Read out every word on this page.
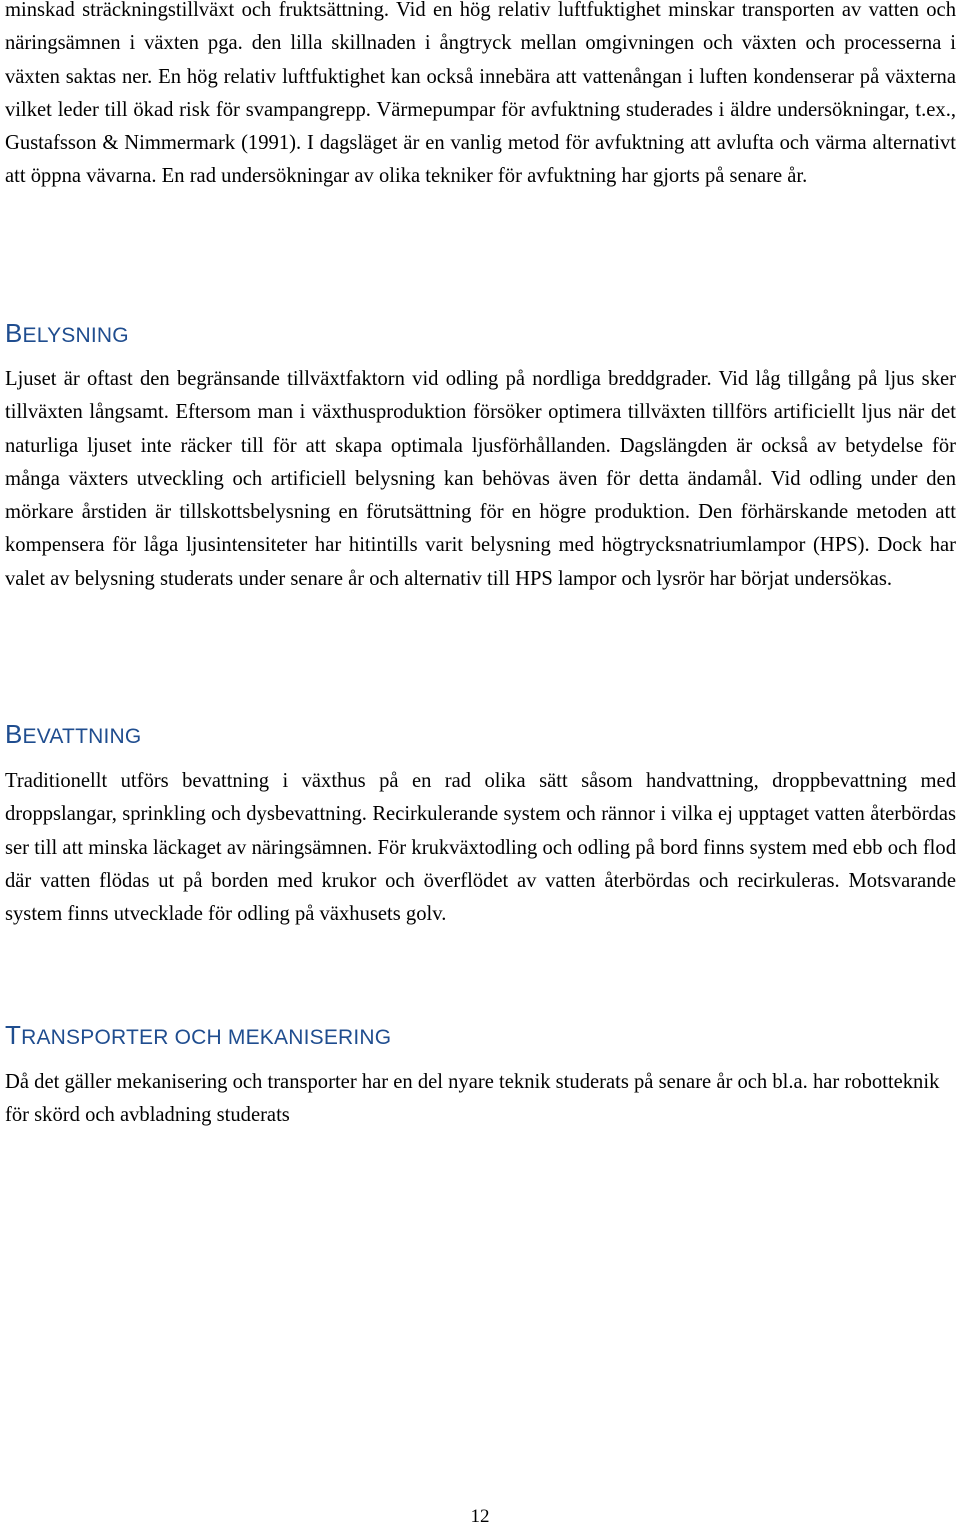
minskad sträckningstillväxt och fruktsättning. Vid en hög relativ luftfuktighet minskar transporten av vatten och näringsämnen i växten pga. den lilla skillnaden i ångtryck mellan omgivningen och växten och processerna i växten saktas ner. En hög relativ luftfuktighet kan också innebära att vattenångan i luften kondenserar på växterna vilket leder till ökad risk för svampangrepp. Värmepumpar för avfuktning studerades i äldre undersökningar, t.ex., Gustafsson & Nimmermark (1991). I dagsläget är en vanlig metod för avfuktning att avlufta och värma alternativt att öppna vävarna. En rad undersökningar av olika tekniker för avfuktning har gjorts på senare år.

BELYSNING

Ljuset är oftast den begränsande tillväxtfaktorn vid odling på nordliga breddgrader. Vid låg tillgång på ljus sker tillväxten långsamt. Eftersom man i växthusproduktion försöker optimera tillväxten tillförs artificiellt ljus när det naturliga ljuset inte räcker till för att skapa optimala ljusförhållanden. Dagslängden är också av betydelse för många växters utveckling och artificiell belysning kan behövas även för detta ändamål. Vid odling under den mörkare årstiden är tillskottsbelysning en förutsättning för en högre produktion. Den förhärskande metoden att kompensera för låga ljusintensiteter har hitintills varit belysning med högtrycksnatriumlampor (HPS). Dock har valet av belysning studerats under senare år och alternativ till HPS lampor och lysrör har börjat undersökas.

BEVATTNING

Traditionellt utförs bevattning i växthus på en rad olika sätt såsom handvattning, droppbevattning med droppslangar, sprinkling och dysbevattning. Recirkulerande system och rännor i vilka ej upptaget vatten återbördas ser till att minska läckaget av näringsämnen. För krukväxtodling och odling på bord finns system med ebb och flod där vatten flödas ut på borden med krukor och överflödet av vatten återbördas och recirkuleras. Motsvarande system finns utvecklade för odling på växhusets golv.

TRANSPORTER OCH MEKANISERING

Då det gäller mekanisering och transporter har en del nyare teknik studerats på senare år och bl.a. har robotteknik för skörd och avbladning studerats

12
